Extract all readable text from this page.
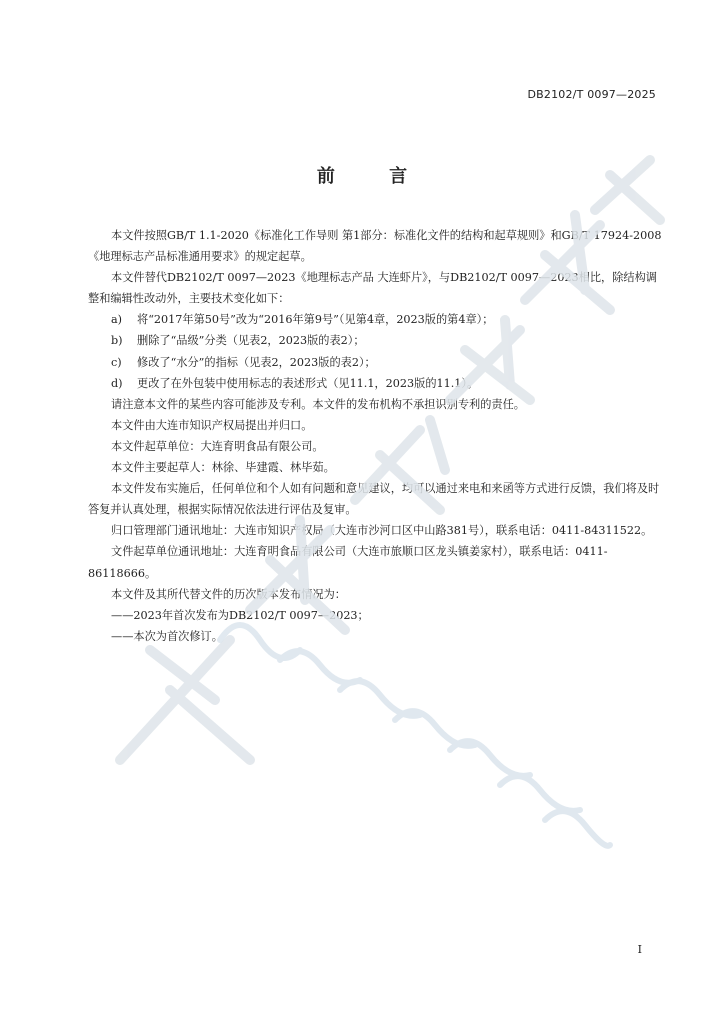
DB2102/T 0097—2025
前 言

本文件按照GB/T 1.1-2020《标准化工作导则 第1部分：标准化文件的结构和起草规则》和GB/T 17924-2008《地理标志产品标准通用要求》的规定起草。

本文件替代DB2102/T 0097—2023《地理标志产品 大连虾片》，与DB2102/T 0097—2023相比，除结构调整和编辑性改动外，主要技术变化如下：

a)	将“2017年第50号”改为“2016年第9号”（见第4章，2023版的第4章）；
b)	删除了“品级”分类（见表2，2023版的表2）；
c)	修改了“水分”的指标（见表2，2023版的表2）；
d)	更改了在外包装中使用标志的表述形式（见11.1，2023版的11.1）。

请注意本文件的某些内容可能涉及专利。本文件的发布机构不承担识别专利的责任。

本文件由大连市知识产权局提出并归口。

本文件起草单位：大连育明食品有限公司。

本文件主要起草人：林徐、毕建霞、林毕茹。

本文件发布实施后，任何单位和个人如有问题和意见建议，均可以通过来电和来函等方式进行反馈，我们将及时答复并认真处理，根据实际情况依法进行评估及复审。

归口管理部门通讯地址：大连市知识产权局（大连市沙河口区中山路381号），联系电话：0411-84311522。

文件起草单位通讯地址：大连育明食品有限公司（大连市旅顺口区龙头镇姜家村），联系电话：0411-86118666。

本文件及其所代替文件的历次版本发布情况为：

——2023年首次发布为DB2102/T 0097—2023；

——本次为首次修订。

I
